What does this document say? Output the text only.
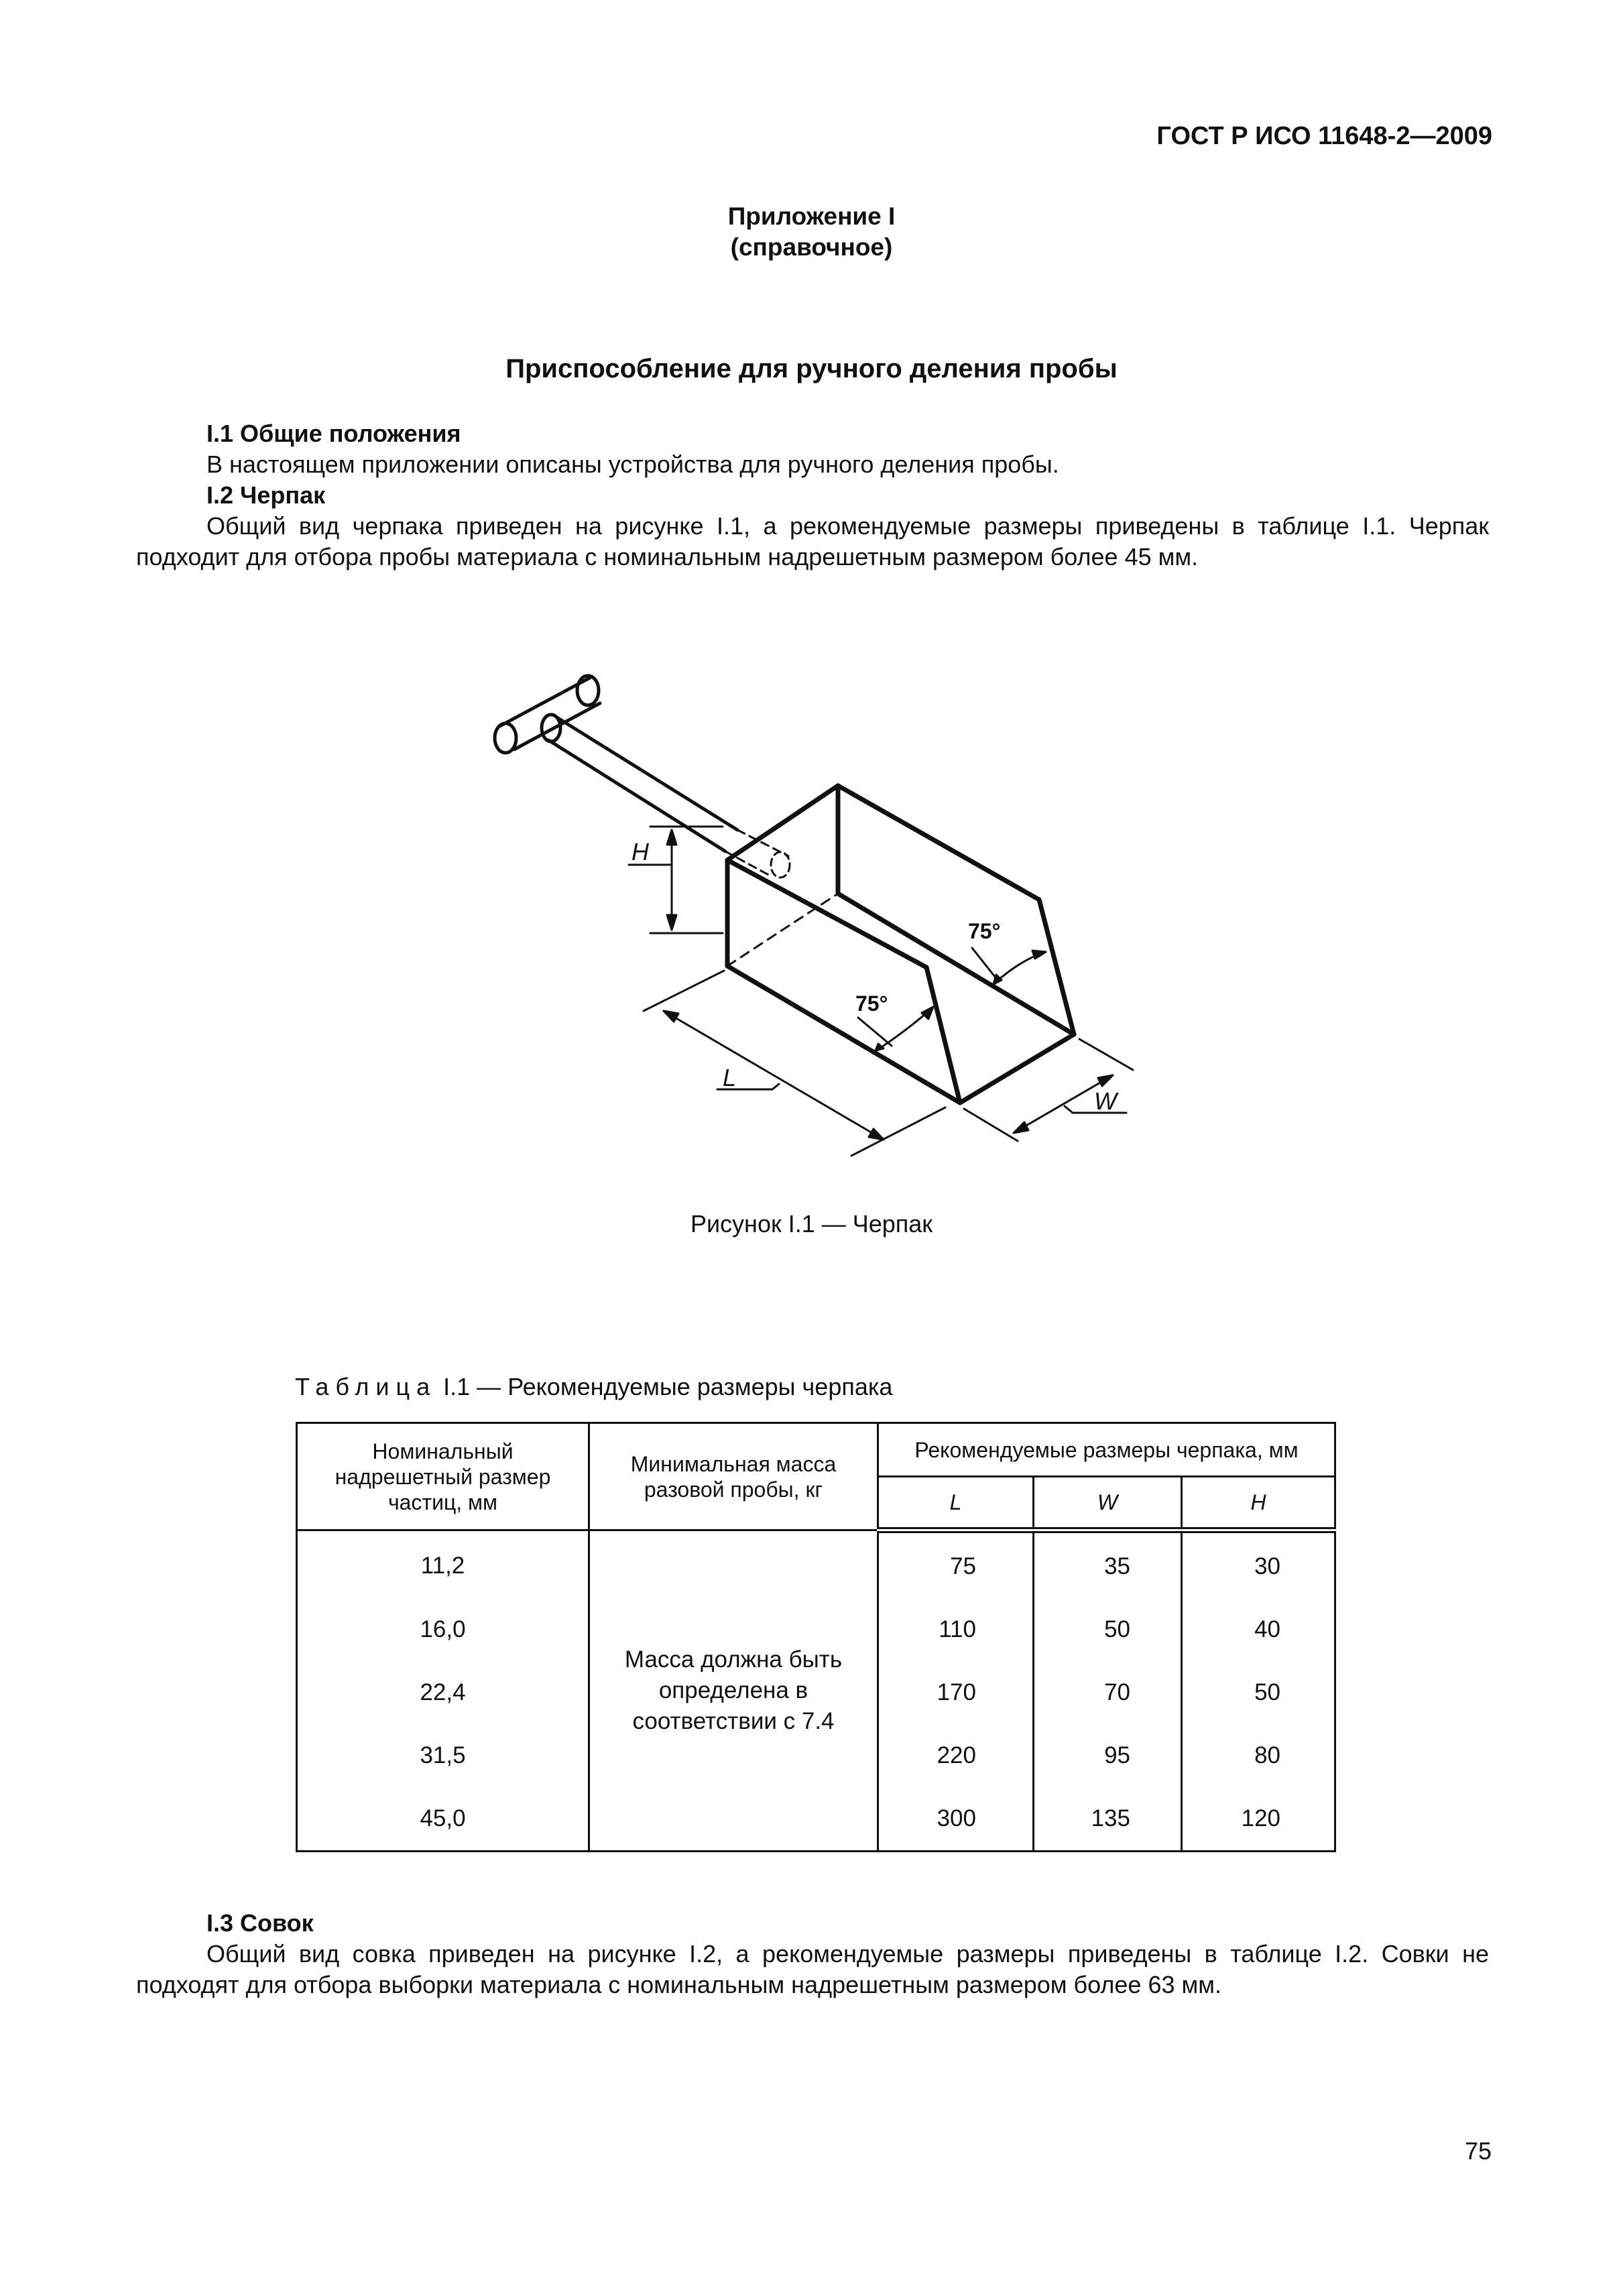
ГОСТ Р ИСО 11648-2—2009
Приложение I
(справочное)
Приспособление для ручного деления пробы
I.1 Общие положения
В настоящем приложении описаны устройства для ручного деления пробы.
I.2 Черпак
Общий вид черпака приведен на рисунке I.1, а рекомендуемые размеры приведены в таблице I.1. Черпак подходит для отбора пробы материала с номинальным надрешетным размером более 45 мм.
H
L
W
75°
75°
Рисунок I.1 — Черпак
Таблица I.1 — Рекомендуемые размеры черпака
Номинальный надрешетный размер частиц, мм	Минимальная масса разовой пробы, кг	Рекомендуемые размеры черпака, мм		
		L	W	H
11,2	Масса должна быть определена в соответствии с 7.4	75	35	30
16,0		110	50	40
22,4		170	70	50
31,5		220	95	80
45,0		300	135	120
I.3 Совок
Общий вид совка приведен на рисунке I.2, а рекомендуемые размеры приведены в таблице I.2. Совки не подходят для отбора выборки материала с номинальным надрешетным размером более 63 мм.
75
